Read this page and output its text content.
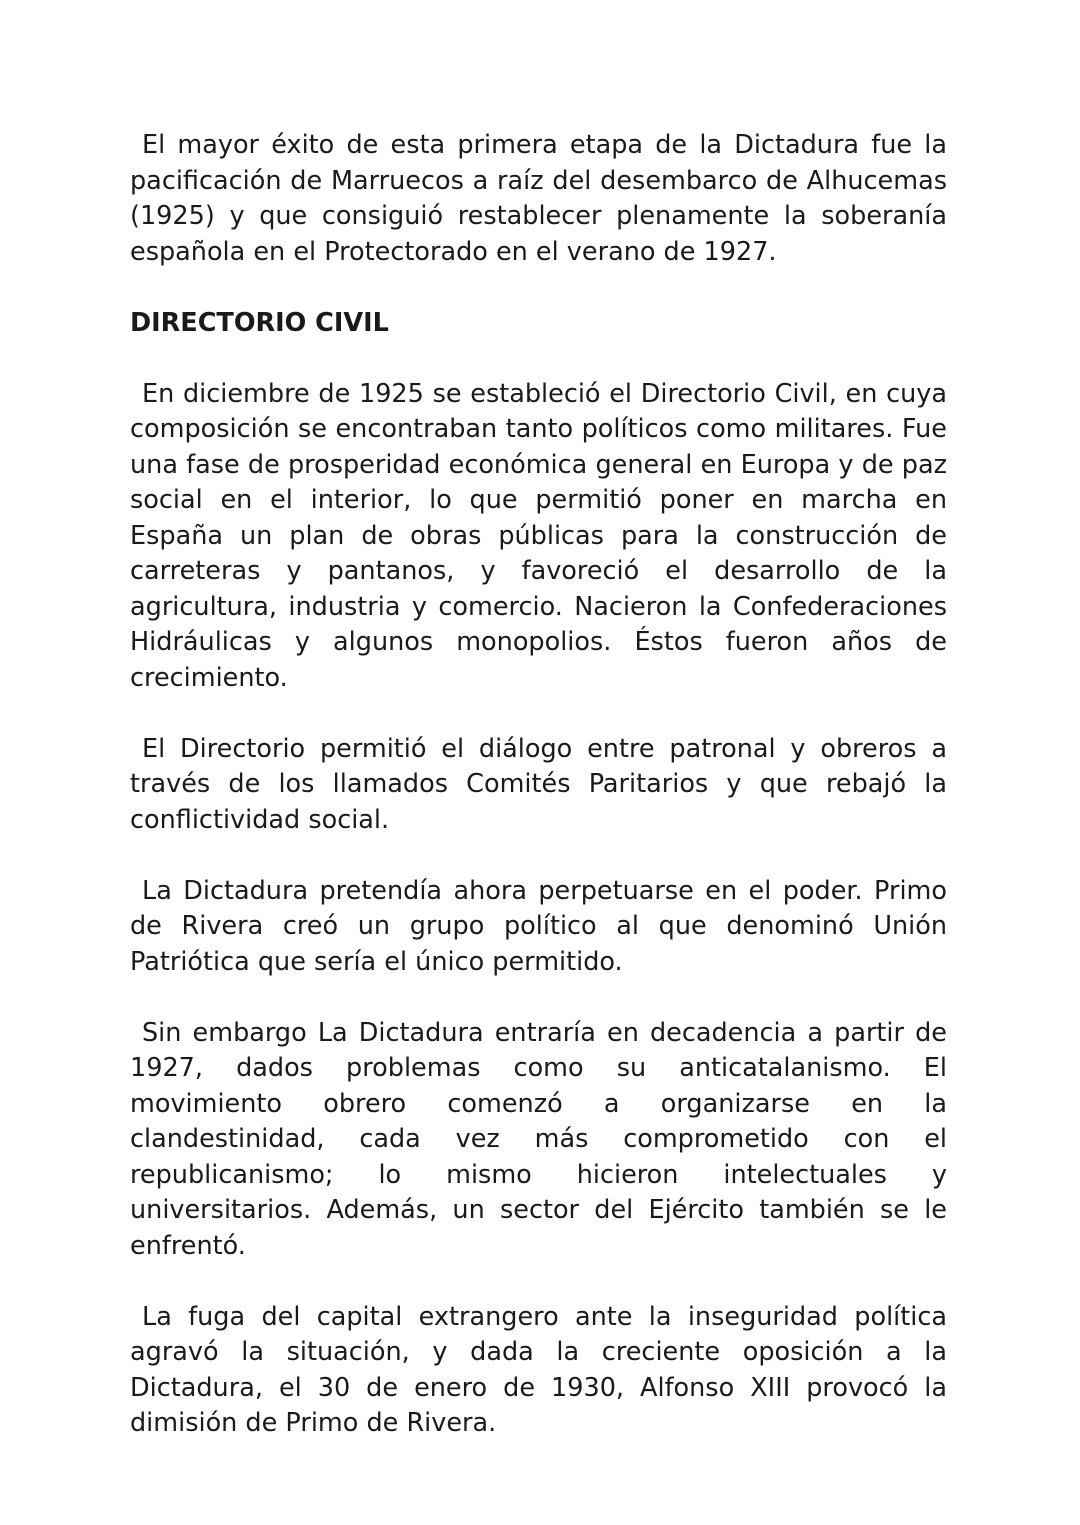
El mayor éxito de esta primera etapa de la Dictadura fue la pacificación de Marruecos a raíz del desembarco de Alhucemas (1925) y que consiguió restablecer plenamente la soberanía española en el Protectorado en el verano de 1927.

DIRECTORIO CIVIL

En diciembre de 1925 se estableció el Directorio Civil, en cuya composición se encontraban tanto políticos como militares. Fue una fase de prosperidad económica general en Europa y de paz social en el interior, lo que permitió poner en marcha en España un plan de obras públicas para la construcción de carreteras y pantanos, y favoreció el desarrollo de la agricultura, industria y comercio. Nacieron la Confederaciones Hidráulicas y algunos monopolios. Éstos fueron años de crecimiento.

El Directorio permitió el diálogo entre patronal y obreros a través de los llamados Comités Paritarios y que rebajó la conflictividad social.

La Dictadura pretendía ahora perpetuarse en el poder. Primo de Rivera creó un grupo político al que denominó Unión Patriótica que sería el único permitido.

Sin embargo La Dictadura entraría en decadencia a partir de 1927, dados problemas como su anticatalanismo. El movimiento obrero comenzó a organizarse en la clandestinidad, cada vez más comprometido con el republicanismo; lo mismo hicieron intelectuales y universitarios. Además, un sector del Ejército también se le enfrentó.

La fuga del capital extrangero ante la inseguridad política agravó la situación, y dada la creciente oposición a la Dictadura, el 30 de enero de 1930, Alfonso XIII provocó la dimisión de Primo de Rivera.
